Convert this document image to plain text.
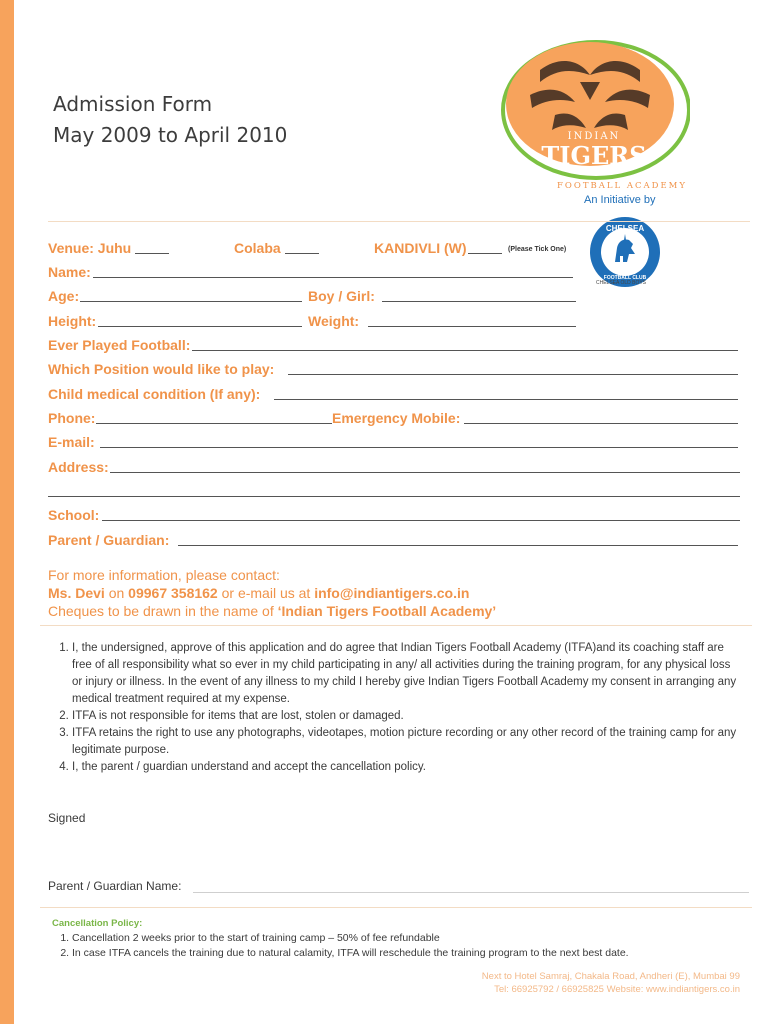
Admission Form
May 2009 to April 2010	INDIAN
TIGERS
FOOTBALL ACADEMY
An Initiative by
CHELSEA
FOOTBALL CLUB
CHELSEA OLD BOYS
Venue: Juhu	Colaba	KANDIVLI (W)	(Please Tick One)
Name:
Age:	Boy / Girl:
Height:	Weight:
Ever Played Football:
Which Position would like to play:
Child medical condition (If any):
Phone:	Emergency Mobile:
E-mail:
Address:
School:
Parent / Guardian:
For more information, please contact:
Ms. Devi on 09967 358162 or e-mail us at info@indiantigers.co.in
Cheques to be drawn in the name of ‘Indian Tigers Football Academy’
1. I, the undersigned, approve of this application and do agree that Indian Tigers Football Academy (ITFA)and its coaching staff are free of all responsibility what so ever in my child participating in any/ all activities during the training program, for any physical loss or injury or illness. In the event of any illness to my child I hereby give Indian Tigers Football Academy my consent in arranging any medical treatment required at my expense.
2. ITFA is not responsible for items that are lost, stolen or damaged.
3. ITFA retains the right to use any photographs, videotapes, motion picture recording or any other record of the training camp for any legitimate purpose.
4. I, the parent / guardian understand and accept the cancellation policy.
Signed
Parent / Guardian Name:
Cancellation Policy:
1. Cancellation 2 weeks prior to the start of training camp – 50% of fee refundable
2. In case ITFA cancels the training due to natural calamity, ITFA will reschedule the training program to the next best date.
Next to Hotel Samraj, Chakala Road, Andheri (E), Mumbai 99
Tel: 66925792 / 66925825 Website: www.indiantigers.co.in
